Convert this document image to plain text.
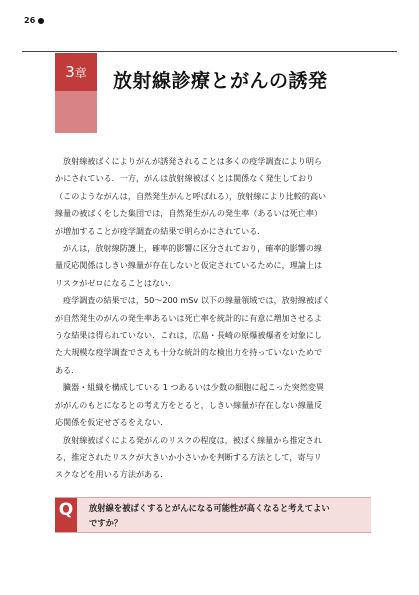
26
3章	放射線診療とがんの誘発
放射線被ばくによりがんが誘発されることは多くの疫学調査により明ら
かにされている．一方，がんは放射線被ばくとは関係なく発生しており
（このようながんは，自然発生がんと呼ばれる），放射線により比較的高い
線量の被ばくをした集団では，自然発生がんの発生率（あるいは死亡率）
が増加することが疫学調査の結果で明らかにされている．
がんは，放射線防護上，確率的影響に区分されており，確率的影響の線
量反応関係はしきい線量が存在しないと仮定されているために，理論上は
リスクがゼロになることはない．
疫学調査の結果では，50～200 mSv 以下の線量領域では，放射線被ばく
が自然発生のがんの発生率あるいは死亡率を統計的に有意に増加させるよ
うな結果は得られていない．これは，広島・長崎の原爆被爆者を対象にし
た大規模な疫学調査でさえも十分な統計的な検出力を持っていないためで
ある．
臓器・組織を構成している 1 つあるいは少数の細胞に起こった突然変異
ががんのもとになるとの考え方をとると，しきい線量が存在しない線量反
応関係を仮定せざるをえない．
放射線被ばくによる発がんのリスクの程度は，被ばく線量から推定され
る，推定されたリスクが大きいか小さいかを判断する方法として，寄与リ
スクなどを用いる方法がある．
Q	放射線を被ばくするとがんになる可能性が高くなると考えてよい
ですか？
